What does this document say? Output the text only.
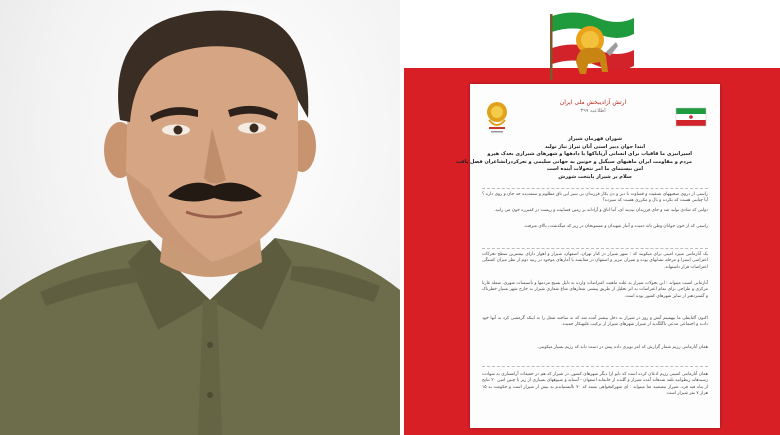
ارتش آزادیبخش ملی ایران
اطلاعیه ۳۹۹
شوران قهرمان شیراز
ابتدا جوان دبیر استی آنان تیراژ نیاز تولید
اسیرانیزی ما قاقیاب برای انسانی آریاپاکها با دادهها و شهرهای شیرازی بعدک هیرو
مردم و مقاومت ایران ماهیهای سیگیل و خونین به جهانی سلیمی و تعرکردرانشاعران فصل یافت
امن بیستمای ما امر نتحولات آینده است
سلام بر شیراز پایتخت شورش
راستی از دروی صحنههای شنقیت و قساوت با دبر و دن یکار قرزندان بی سیر این تاق مطلوم و ستمدیده حه جان و روی داره ؟ آیا چنایتی هست که نکرده و بال و مکرری هست که سپرده؟
دولتی که شادی تولید شد و جای فرزندان بیدینه ای، آنیا اتاق و آزادانه بر زمین فضاییت و زیست در کمبرزه خون می رانید.
راستی که از خون جوانان وطن تاثه دمیده و آتنار شهیدان و مستونخان در زیر که میگذشت، بالای میرفت.
یک آتازمانتی میبرد امینی برای میکویند که : شهر شیراز در کنار تهران، اصفهان، شیراز و اهواز دارای بیشترین سطح تحرکات اعتراضی استرا و مرحله نشانهای بوده و شیراز، تبریز و اصفهان در مقایسه با آمارهای موجود در رتبه دوم از نظر میزان کشتگی اعتراضات قرار داشتهاند.
آتازمانی امنیت میتواند : این تحولات شیراز به علت ماهیت اعتراضات وارده به دلیل بسیج مردمها و تأسیسات شهری، شعله غارتا مرکزی و طراحی برای تمام اعتراضات به اتر تحلیل از طریق پیشتی شعارهای متاع شعاری شیراز به خارج شهر بسیار خطرناک و گستردهتر از سایر شهرهای کشور بوده است.
اکنون آکتایطی ما بیهمینم آتش و روز در شیراز به دخل بیشتر آمده شد که نه ساخته شعل را به اینکه گرمشی کرد به آنها خود دادند و اجتماعی مدعی ناگلگدید از شیراز شهرهای شیراز از ترکیب غلبهبکار حمیده.
همان آتازمانتی رژیم شمار گزارش که امر نویزی داده پیش در دست داند که رژیم بسیار میکوبتی.
همان آتازمانتی امنیتی رژیم اذعان کرده است که نابو ازا دیگر شهرهای کشور، در شیراز که هم در حقیقات آرامسازی به شهادت رسیدهاند زیطوانیه تلفه شدهاند آمده شیراز و گلنده از خانمانه اصفهان - آستانه و شیوههای بسیاری از زیر با چنین اسن ۲۰ نتایج از پناه فیه فرد، شیراز تبعیضیه متا میتواند : ای شهرکنخواهی بسته که ۷۰ نالیستیاندم به بیش از شیراز است و حکومت به ۱۵ هزار ۷ نفر شیراز است.
